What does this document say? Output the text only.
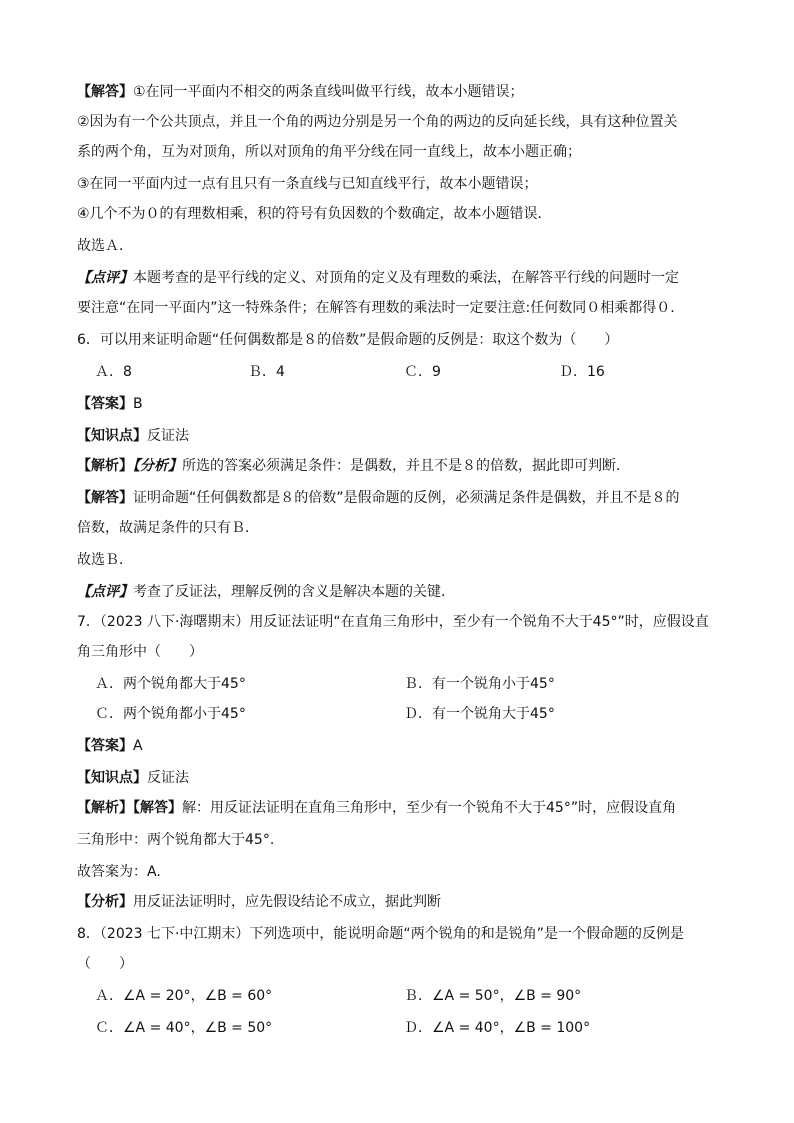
【解答】①在同一平面内不相交的两条直线叫做平行线，故本小题错误；
②因为有一个公共顶点，并且一个角的两边分别是另一个角的两边的反向延长线，具有这种位置关
系的两个角，互为对顶角，所以对顶角的角平分线在同一直线上，故本小题正确；
③在同一平面内过一点有且只有一条直线与已知直线平行，故本小题错误；
④几个不为０的有理数相乘，积的符号有负因数的个数确定，故本小题错误．
故选Ａ．
【点评】本题考查的是平行线的定义、对顶角的定义及有理数的乘法，在解答平行线的问题时一定
要注意“在同一平面内”这一特殊条件；在解答有理数的乘法时一定要注意:任何数同０相乘都得０.
6．可以用来证明命题“任何偶数都是８的倍数”是假命题的反例是：取这个数为（　　）
Ａ．8	Ｂ．4	Ｃ．9	Ｄ．16
【答案】B
【知识点】反证法
【解析】【分析】所选的答案必须满足条件：是偶数，并且不是８的倍数，据此即可判断．
【解答】证明命题“任何偶数都是８的倍数”是假命题的反例，必须满足条件是偶数，并且不是８的
倍数，故满足条件的只有Ｂ．
故选Ｂ．
【点评】考查了反证法，理解反例的含义是解决本题的关键．
7．（2023 八下·海曙期末）用反证法证明“在直角三角形中，至少有一个锐角不大于45°”时，应假设直
角三角形中（　　）
Ａ．两个锐角都大于45°	Ｂ．有一个锐角小于45°
Ｃ．两个锐角都小于45°	Ｄ．有一个锐角大于45°
【答案】A
【知识点】反证法
【解析】【解答】解：用反证法证明在直角三角形中，至少有一个锐角不大于45°”时，应假设直角
三角形中：两个锐角都大于45°.
故答案为：A.
【分析】用反证法证明时，应先假设结论不成立，据此判断
8．（2023 七下·中江期末）下列选项中，能说明命题“两个锐角的和是锐角”是一个假命题的反例是
（　　）
Ａ．∠A = 20°，∠B = 60°	Ｂ．∠A = 50°，∠B = 90°
Ｃ．∠A = 40°，∠B = 50°	Ｄ．∠A = 40°，∠B = 100°
